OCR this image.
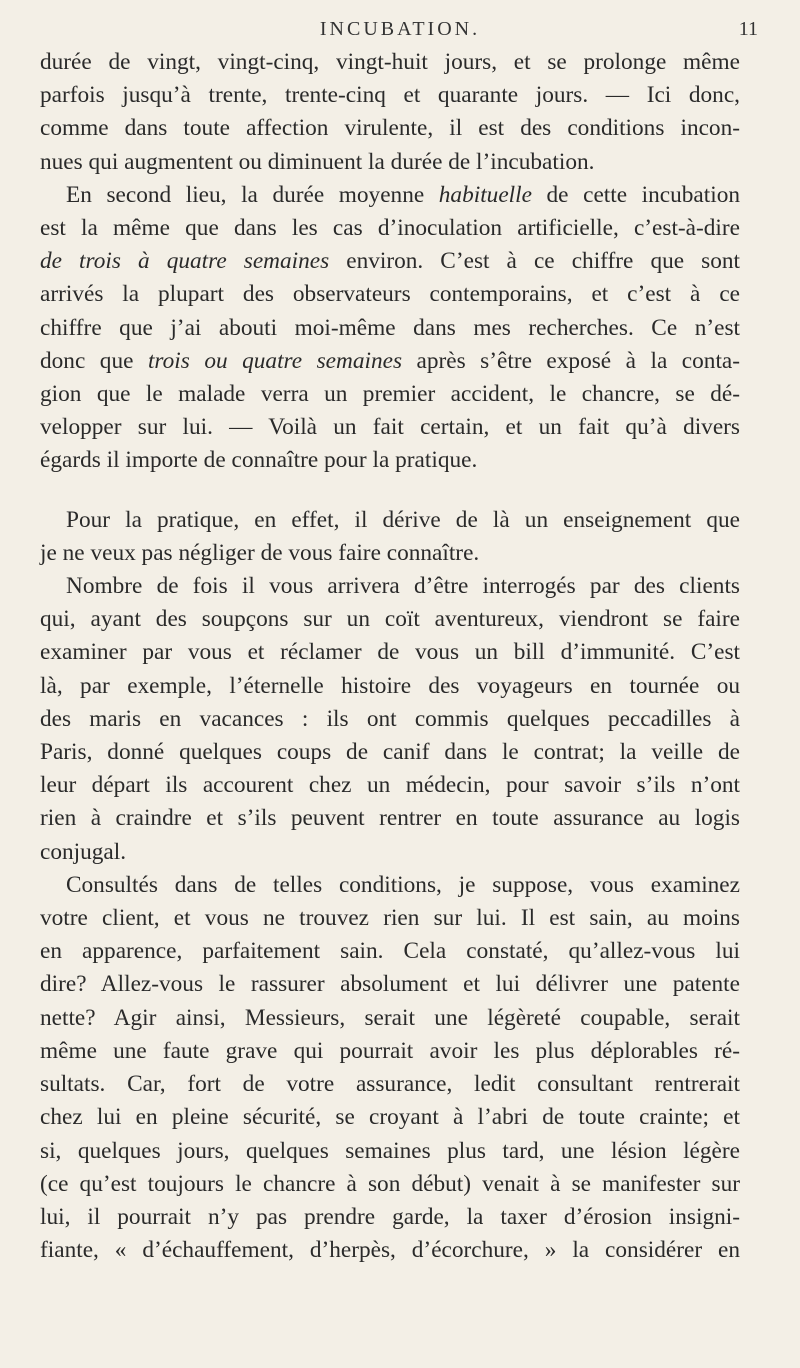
INCUBATION.	11

durée de vingt, vingt-cinq, vingt-huit jours, et se prolonge même
parfois jusqu’à trente, trente-cinq et quarante jours. — Ici donc,
comme dans toute affection virulente, il est des conditions incon-
nues qui augmentent ou diminuent la durée de l’incubation.

En second lieu, la durée moyenne habituelle de cette incubation
est la même que dans les cas d’inoculation artificielle, c’est-à-dire
de trois à quatre semaines environ. C’est à ce chiffre que sont
arrivés la plupart des observateurs contemporains, et c’est à ce
chiffre que j’ai abouti moi-même dans mes recherches. Ce n’est
donc que trois ou quatre semaines après s’être exposé à la conta-
gion que le malade verra un premier accident, le chancre, se dé-
velopper sur lui. — Voilà un fait certain, et un fait qu’à divers
égards il importe de connaître pour la pratique.

Pour la pratique, en effet, il dérive de là un enseignement que
je ne veux pas négliger de vous faire connaître.

Nombre de fois il vous arrivera d’être interrogés par des clients
qui, ayant des soupçons sur un coït aventureux, viendront se faire
examiner par vous et réclamer de vous un bill d’immunité. C’est
là, par exemple, l’éternelle histoire des voyageurs en tournée ou
des maris en vacances : ils ont commis quelques peccadilles à
Paris, donné quelques coups de canif dans le contrat; la veille de
leur départ ils accourent chez un médecin, pour savoir s’ils n’ont
rien à craindre et s’ils peuvent rentrer en toute assurance au logis
conjugal.

Consultés dans de telles conditions, je suppose, vous examinez
votre client, et vous ne trouvez rien sur lui. Il est sain, au moins
en apparence, parfaitement sain. Cela constaté, qu’allez-vous lui
dire? Allez-vous le rassurer absolument et lui délivrer une patente
nette? Agir ainsi, Messieurs, serait une légèreté coupable, serait
même une faute grave qui pourrait avoir les plus déplorables ré-
sultats. Car, fort de votre assurance, ledit consultant rentrerait
chez lui en pleine sécurité, se croyant à l’abri de toute crainte; et
si, quelques jours, quelques semaines plus tard, une lésion légère
(ce qu’est toujours le chancre à son début) venait à se manifester sur
lui, il pourrait n’y pas prendre garde, la taxer d’érosion insigni-
fiante, « d’échauffement, d’herpès, d’écorchure, » la considérer en
